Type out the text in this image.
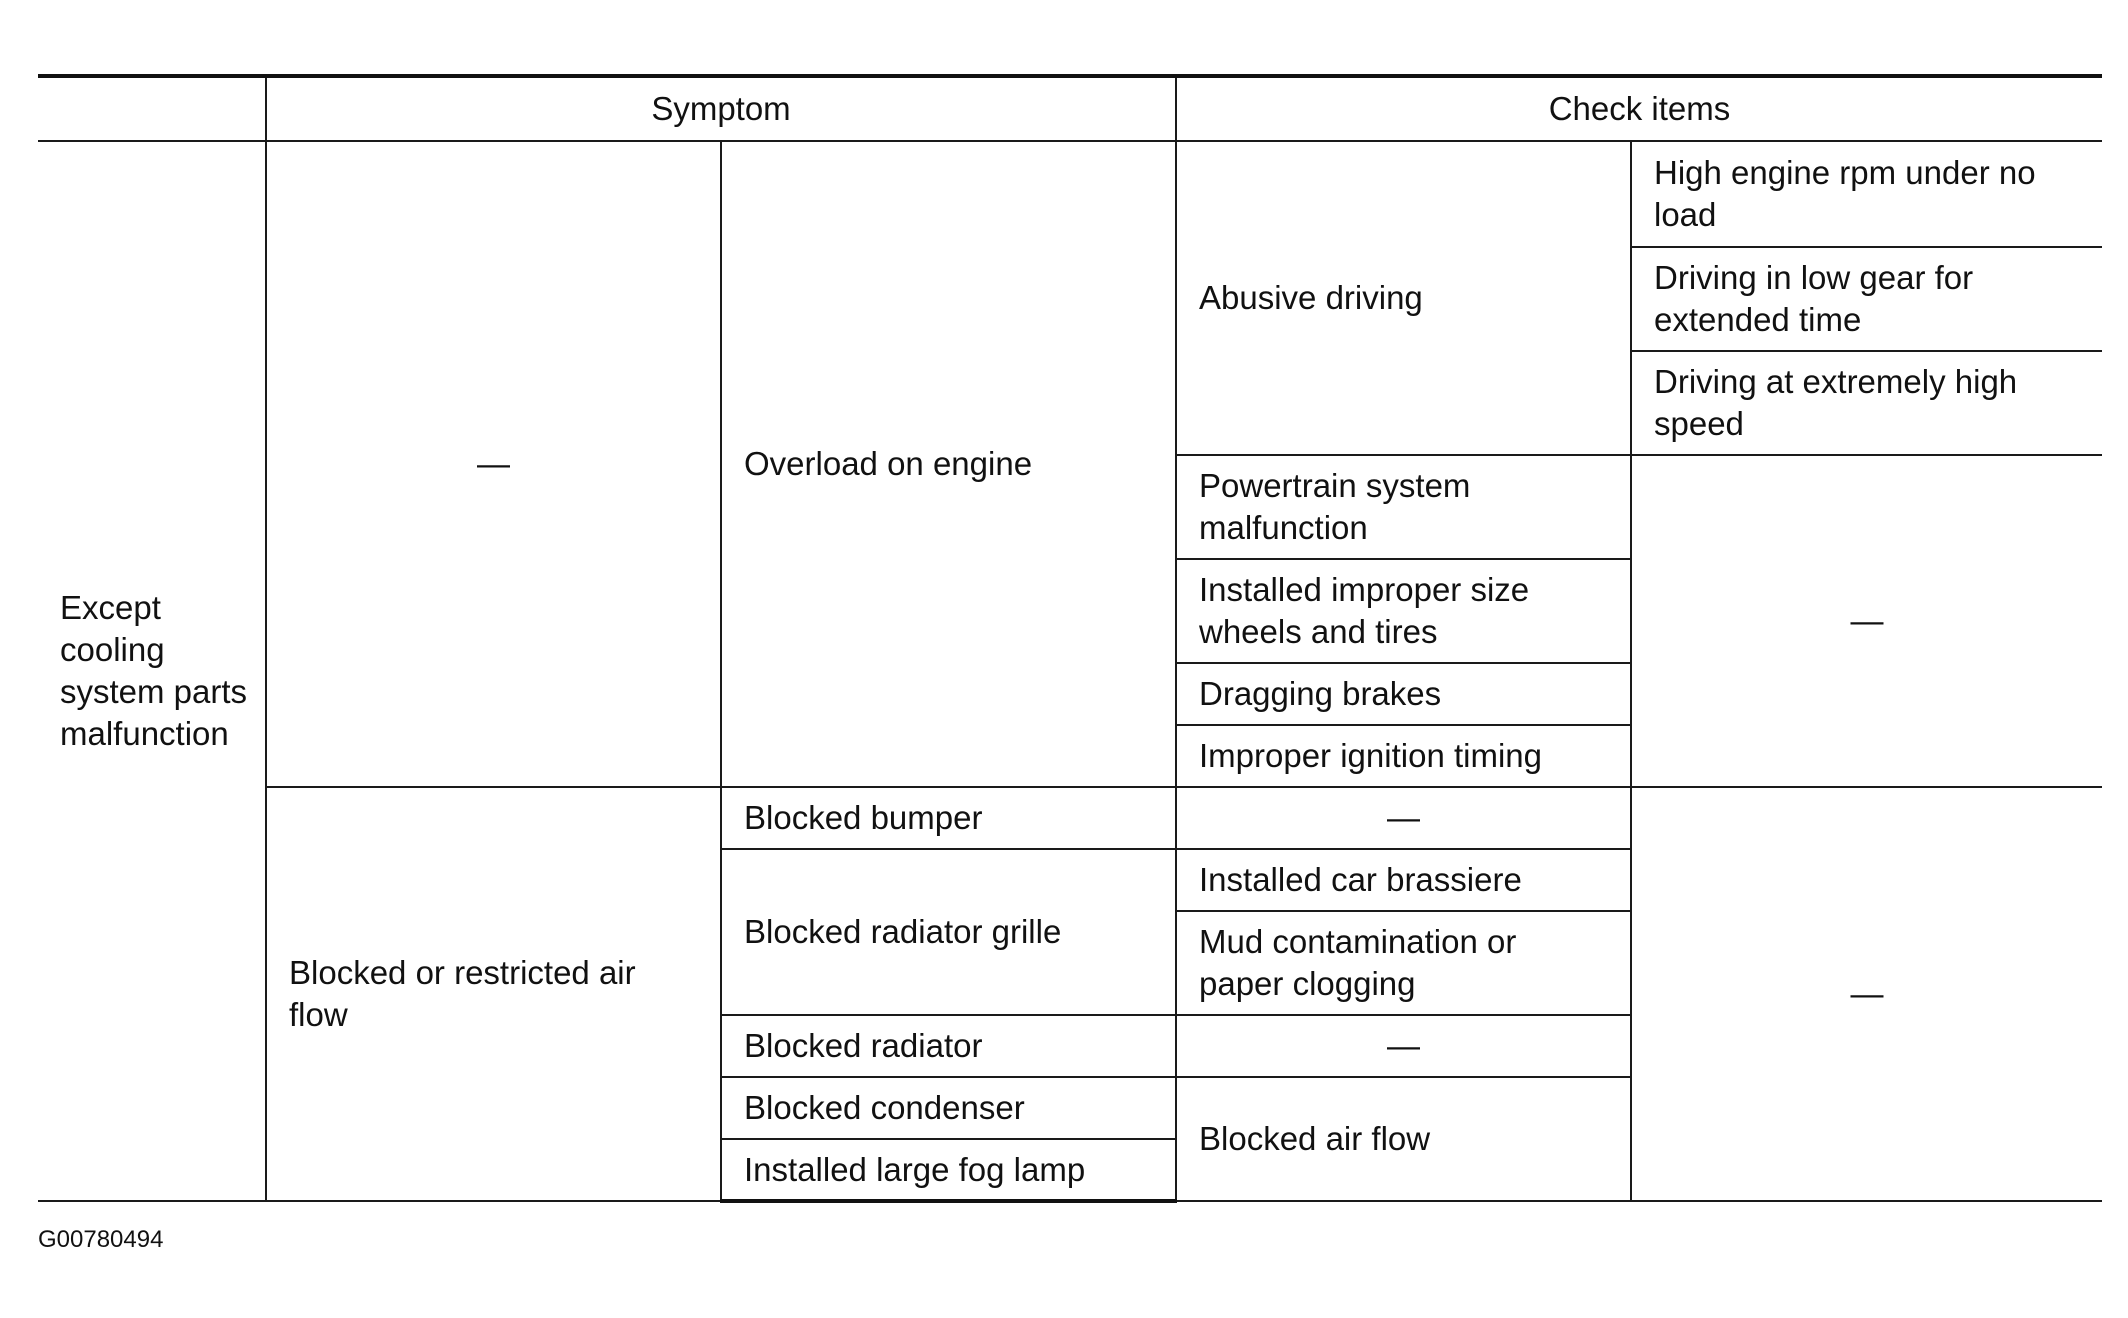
	Symptom		Check items	
Except cooling system parts malfunction	—	Overload on engine	Abusive driving	High engine rpm under no load
				Driving in low gear for extended time
				Driving at extremely high speed
			Powertrain system malfunction	—
			Installed improper size wheels and tires	
			Dragging brakes	
			Improper ignition timing	
	Blocked or restricted air flow	Blocked bumper	—	—
		Blocked radiator grille	Installed car brassiere	
			Mud contamination or paper clogging	
		Blocked radiator	—	
		Blocked condenser	Blocked air flow	
		Installed large fog lamp		
G00780494
